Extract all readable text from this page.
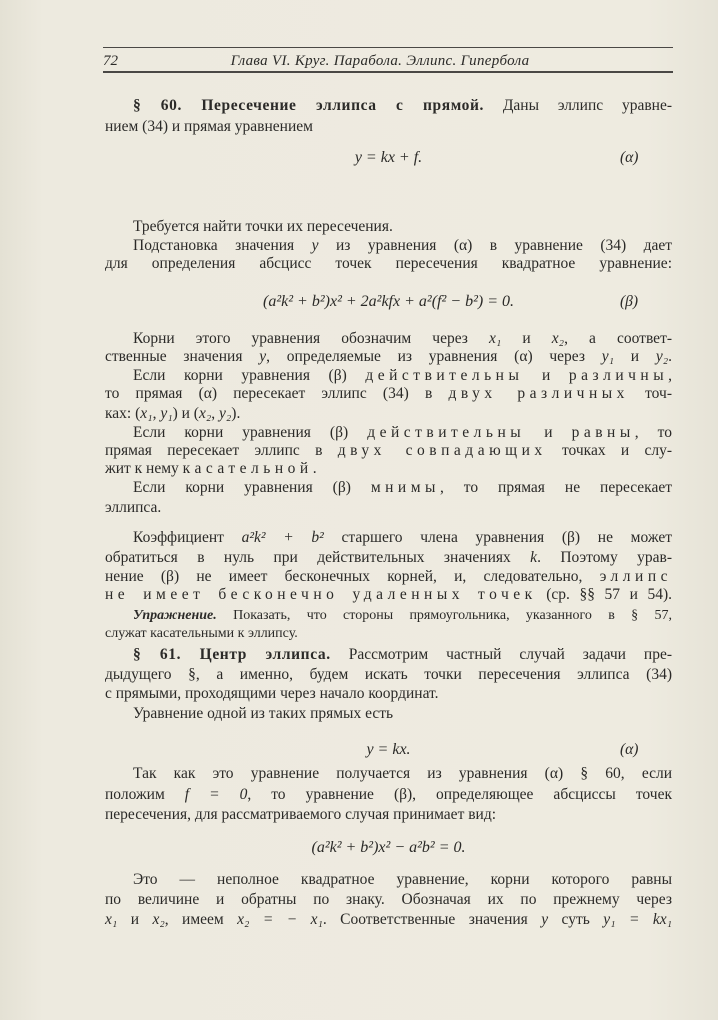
72	Глава VI. Круг. Парабола. Эллипс. Гипербола
§ 60. Пересечение эллипса с прямой. Даны эллипс уравне-
нием (34) и прямая уравнением
Требуется найти точки их пересечения.
Подстановка значения y из уравнения (α) в уравнение (34) дает
для определения абсцисс точек пересечения квадратное уравнение:
Корни этого уравнения обозначим через x₁ и x₂, а соответ-
ственные значения y, определяемые из уравнения (α) через y₁ и y₂.
Если корни уравнения (β) действительны и различны,
то прямая (α) пересекает эллипс (34) в двух различных точ-
ках: (x₁, y₁) и (x₂, y₂).
Если корни уравнения (β) действительны и равны, то
прямая пересекает эллипс в двух совпадающих точках и слу-
жит к нему касательной.
Если корни уравнения (β) мнимы, то прямая не пересекает
эллипса.
Коэффициент a²k² + b² старшего члена уравнения (β) не может
обратиться в нуль при действительных значениях k. Поэтому урав-
нение (β) не имеет бесконечных корней, и, следовательно, эллипс
не имеет бесконечно удаленных точек (ср. §§ 57 и 54).
Упражнение. Показать, что стороны прямоугольника, указанного в § 57,
служат касательными к эллипсу.
§ 61. Центр эллипса. Рассмотрим частный случай задачи пре-
дыдущего §, а именно, будем искать точки пересечения эллипса (34)
с прямыми, проходящими через начало координат.
Уравнение одной из таких прямых есть
Так как это уравнение получается из уравнения (α) § 60, если
положим f = 0, то уравнение (β), определяющее абсциссы точек
пересечения, для рассматриваемого случая принимает вид:
Это — неполное квадратное уравнение, корни которого равны
по величине и обратны по знаку. Обозначая их по прежнему через
x₁ и x₂, имеем x₂ = − x₁. Соответственные значения y суть y₁ = kx₁
y = kx + f.	(α)
(a²k² + b²)x² + 2a²kfx + a²(f² − b²) = 0.	(β)
y = kx.	(α)
(a²k² + b²)x² − a²b² = 0.
